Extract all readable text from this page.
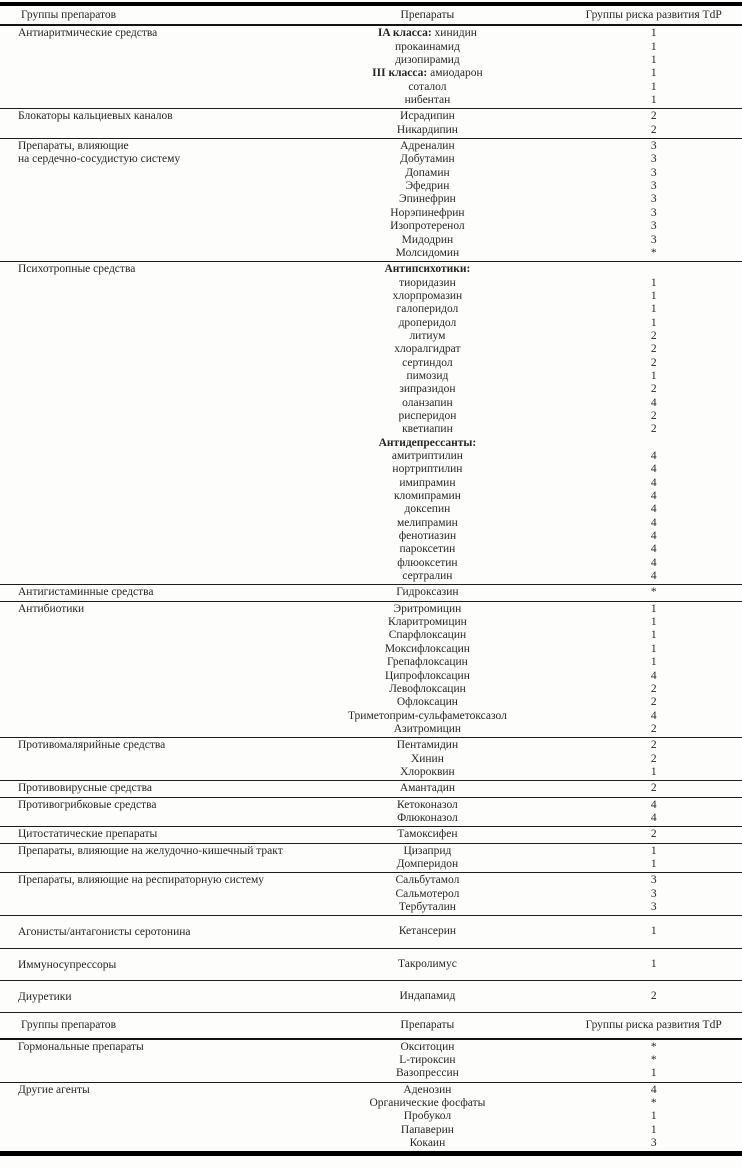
Группы препаратов	Препараты	Группы риска развития TdP
Антиаритмические средства	IA класса: хинидин	1
прокаинамид	1
дизопирамид	1
III класса: амиодарон	1
соталол	1
нибентан	1
Блокаторы кальциевых каналов	Исрадипин	2
Никардипин	2
Препараты, влияющие
на сердечно-сосудистую систему
Адреналин	3
Добутамин	3
Допамин	3
Эфедрин	3
Эпинефрин	3
Норэпинефрин	3
Изопротеренол	3
Мидодрин	3
Молсидомин	*
Психотропные средства	Антипсихотики:
тиоридазин	1
хлорпромазин	1
галоперидол	1
дроперидол	1
литиум	2
хлоралгидрат	2
сертиндол	2
пимозид	1
зипразидон	2
оланзапин	4
рисперидон	2
кветиапин	2
Антидепрессанты:
амитриптилин	4
нортриптилин	4
имипрамин	4
кломипрамин	4
доксепин	4
мелипрамин	4
фенотиазин	4
пароксетин	4
флюоксетин	4
сертралин	4
Антигистаминные средства	Гидроксазин	*
Антибиотики	Эритромицин	1
Кларитромицин	1
Спарфлоксацин	1
Моксифлоксацин	1
Грепафлоксацин	1
Ципрофлоксацин	4
Левофлоксацин	2
Офлоксацин	2
Триметоприм-сульфаметоксазол	4
Азитромицин	2
Противомалярийные средства	Пентамидин	2
Хинин	2
Хлороквин	1
Противовирусные средства	Амантадин	2
Противогрибковые средства	Кетоконазол	4
Флюконазол	4
Цитостатические препараты	Тамоксифен	2
Препараты, влияющие на желудочно-кишечный тракт	Цизаприд	1
Домперидон	1
Препараты, влияющие на респираторную систему	Сальбутамол	3
Сальмотерол	3
Тербуталин	3
Агонисты/антагонисты серотонина	Кетансерин	1
Иммуносупрессоры	Такролимус	1
Диуретики	Индапамид	2
Группы препаратов	Препараты	Группы риска развития TdP
Гормональные препараты	Окситоцин	*
L-тироксин	*
Вазопрессин	1
Другие агенты	Аденозин	4
Органические фосфаты	*
Пробукол	1
Папаверин	1
Кокаин	3
